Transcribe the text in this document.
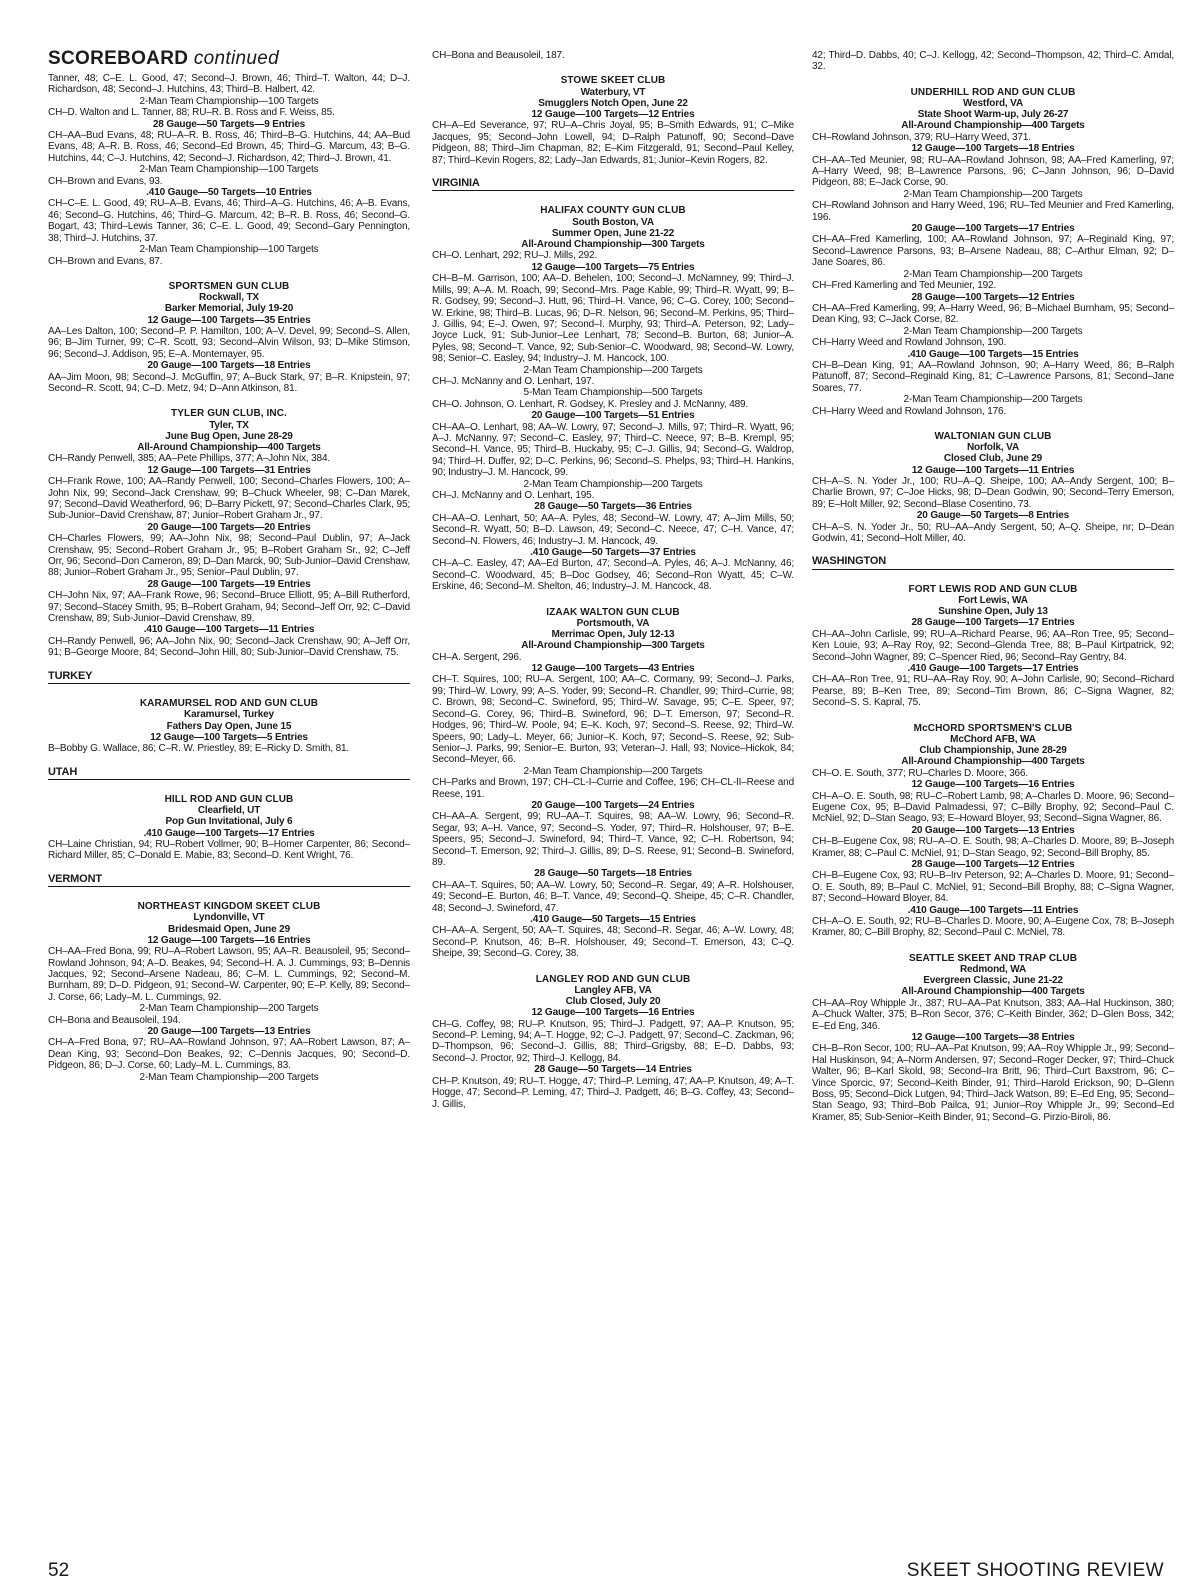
SCOREBOARD continued
Tanner, 48; C–E. L. Good, 47; Second–J. Brown, 46; Third–T. Walton, 44; D–J. Richardson, 48; Second–J. Hutchins, 43; Third–B. Halbert, 42.
2-Man Team Championship—100 Targets
CH–D. Walton and L. Tanner, 88; RU–R. B. Ross and F. Weiss, 85.
28 Gauge—50 Targets—9 Entries
CH–AA–Bud Evans, 48; RU–A–R. B. Ross, 46; Third–B–G. Hutchins, 44; AA–Bud Evans, 48; A–R. B. Ross, 46; Second–Ed Brown, 45; Third–G. Marcum, 43; B–G. Hutchins, 44; C–J. Hutchins, 42; Second–J. Richardson, 42; Third–J. Brown, 41.
2-Man Team Championship—100 Targets
CH–Brown and Evans, 93.
.410 Gauge—50 Targets—10 Entries
CH–C–E. L. Good, 49; RU–A–B. Evans, 46; Third–A–G. Hutchins, 46; A–B. Evans, 46; Second–G. Hutchins, 46; Third–G. Marcum, 42; B–R. B. Ross, 46; Second–G. Bogart, 43; Third–Lewis Tanner, 36; C–E. L. Good, 49; Second–Gary Pennington, 38; Third–J. Hutchins, 37.
2-Man Team Championship—100 Targets
CH–Brown and Evans, 87.
SPORTSMEN GUN CLUB
Rockwall, TX
Barker Memorial, July 19-20
12 Gauge—100 Targets—35 Entries
AA–Les Dalton, 100; Second–P. P. Hamilton, 100; A–V. Devel, 99; Second–S. Allen, 96; B–Jim Turner, 99; C–R. Scott, 93; Second–Alvin Wilson, 93; D–Mike Stimson, 96; Second–J. Addison, 95; E–A. Montemayer, 95.
20 Gauge—100 Targets—18 Entries
AA–Jim Moon, 98; Second–J. McGuffin, 97; A–Buck Stark, 97; B–R. Knipstein, 97; Second–R. Scott, 94; C–D. Metz, 94; D–Ann Atkinson, 81.
TYLER GUN CLUB, INC.
Tyler, TX
June Bug Open, June 28-29
All-Around Championship—400 Targets
CH–Randy Penwell, 385; AA–Pete Phillips, 377; A–John Nix, 384.
12 Gauge—100 Targets—31 Entries
CH–Frank Rowe, 100; AA–Randy Penwell, 100; Second–Charles Flowers, 100; A–John Nix, 99; Second–Jack Crenshaw, 99; B–Chuck Wheeler, 98; C–Dan Marek, 97; Second–David Weatherford, 96; D–Barry Pickett, 97; Second–Charles Clark, 95; Sub-Junior–David Crenshaw, 87; Junior–Robert Graham Jr., 97.
20 Gauge—100 Targets—20 Entries
CH–Charles Flowers, 99; AA–John Nix, 98; Second–Paul Dublin, 97; A–Jack Crenshaw, 95; Second–Robert Graham Jr., 95; B–Robert Graham Sr., 92; C–Jeff Orr, 96; Second–Don Cameron, 89; D–Dan Marck, 90; Sub-Junior–David Crenshaw, 88; Junior–Robert Graham Jr., 95; Senior–Paul Dublin, 97.
28 Gauge—100 Targets—19 Entries
CH–John Nix, 97; AA–Frank Rowe, 96; Second–Bruce Elliott, 95; A–Bill Rutherford, 97; Second–Stacey Smith, 95; B–Robert Graham, 94; Second–Jeff Orr, 92; C–David Crenshaw, 89; Sub-Junior–David Crenshaw, 89.
.410 Gauge—100 Targets—11 Entries
CH–Randy Penwell, 96; AA–John Nix, 90; Second–Jack Crenshaw, 90; A–Jeff Orr, 91; B–George Moore, 84; Second–John Hill, 80; Sub-Junior–David Crenshaw, 75.
TURKEY
KARAMURSEL ROD AND GUN CLUB
Karamursel, Turkey
Fathers Day Open, June 15
12 Gauge—100 Targets—5 Entries
B–Bobby G. Wallace, 86; C–R. W. Priestley, 89; E–Ricky D. Smith, 81.
UTAH
HILL ROD AND GUN CLUB
Clearfield, UT
Pop Gun Invitational, July 6
.410 Gauge—100 Targets—17 Entries
CH–Laine Christian, 94; RU–Robert Vollmer, 90; B–Homer Carpenter, 86; Second–Richard Miller, 85; C–Donald E. Mabie, 83; Second–D. Kent Wright, 76.
VERMONT
NORTHEAST KINGDOM SKEET CLUB
Lyndonville, VT
Bridesmaid Open, June 29
12 Gauge—100 Targets—16 Entries
CH–AA–Fred Bona, 99; RU–A–Robert Lawson, 95; AA–R. Beausoleil, 95; Second–Rowland Johnson, 94; A–D. Beakes, 94; Second–H. A. J. Cummings, 93; B–Dennis Jacques, 92; Second–Arsene Nadeau, 86; C–M. L. Cummings, 92; Second–M. Burnham, 89; D–D. Pidgeon, 91; Second–W. Carpenter, 90; E–P. Kelly, 89; Second–J. Corse, 66; Lady–M. L. Cummings, 92.
2-Man Team Championship—200 Targets
CH–Bona and Beausoleil, 194.
20 Gauge—100 Targets—13 Entries
CH–A–Fred Bona, 97; RU–AA–Rowland Johnson, 97; AA–Robert Lawson, 87; A–Dean King, 93; Second–Don Beakes, 92; C–Dennis Jacques, 90; Second–D. Pidgeon, 86; D–J. Corse, 60; Lady–M. L. Cummings, 83.
2-Man Team Championship—200 Targets
CH–Bona and Beausoleil, 187.
STOWE SKEET CLUB
Waterbury, VT
Smugglers Notch Open, June 22
12 Gauge—100 Targets—12 Entries
CH–A–Ed Severance, 97; RU–A–Chris Joyal, 95; B–Smith Edwards, 91; C–Mike Jacques, 95; Second–John Lowell, 94; D–Ralph Patunoff, 90; Second–Dave Pidgeon, 88; Third–Jim Chapman, 82; E–Kim Fitzgerald, 91; Second–Paul Kelley, 87; Third–Kevin Rogers, 82; Lady–Jan Edwards, 81; Junior–Kevin Rogers, 82.
VIRGINIA
HALIFAX COUNTY GUN CLUB
South Boston, VA
Summer Open, June 21-22
All-Around Championship—300 Targets
CH–O. Lenhart, 292; RU–J. Mills, 292.
12 Gauge—100 Targets—75 Entries
CH–B–M. Garrison, 100; AA–D. Behelen, 100; Second–J. McNamney, 99; Third–J. Mills, 99; A–A. M. Roach, 99; Second–Mrs. Page Kable, 99; Third–R. Wyatt, 99; B–R. Godsey, 99; Second–J. Hutt, 96; Third–H. Vance, 96; C–G. Corey, 100; Second–W. Erkine, 98; Third–B. Lucas, 96; D–R. Nelson, 96; Second–M. Perkins, 95; Third–J. Gillis, 94; E–J. Owen, 97; Second–I. Murphy, 93; Third–A. Peterson, 92; Lady–Joyce Luck, 91; Sub-Junior–Lee Lenhart, 78; Second–B. Burton, 68; Junior–A. Pyles, 98; Second–T. Vance, 92; Sub-Senior–C. Woodward, 98; Second–W. Lowry, 98; Senior–C. Easley, 94; Industry–J. M. Hancock, 100.
2-Man Team Championship—200 Targets
CH–J. McNanny and O. Lenhart, 197.
5-Man Team Championship—500 Targets
CH–O. Johnson, O. Lenhart, R. Godsey, K. Presley and J. McNanny, 489.
20 Gauge—100 Targets—51 Entries
CH–AA–O. Lenhart, 98; AA–W. Lowry, 97; Second–J. Mills, 97; Third–R. Wyatt, 96; A–J. McNanny, 97; Second–C. Easley, 97; Third–C. Neece, 97; B–B. Krempl, 95; Second–H. Vance, 95; Third–B. Huckaby, 95; C–J. Gillis, 94; Second–G. Waldrop, 94; Third–H. Duffer, 92; D–C. Perkins, 96; Second–S. Phelps, 93; Third–H. Hankins, 90; Industry–J. M. Hancock, 99.
2-Man Team Championship—200 Targets
CH–J. McNanny and O. Lenhart, 195.
28 Gauge—50 Targets—36 Entries
CH–AA–O. Lenhart, 50; AA–A. Pyles, 48; Second–W. Lowry, 47; A–Jim Mills, 50; Second–R. Wyatt, 50; B–D. Lawson, 49; Second–C. Neece, 47; C–H. Vance, 47; Second–N. Flowers, 46; Industry–J. M. Hancock, 49.
.410 Gauge—50 Targets—37 Entries
CH–A–C. Easley, 47; AA–Ed Burton, 47; Second–A. Pyles, 46; A–J. McNanny, 46; Second–C. Woodward, 45; B–Doc Godsey, 46; Second–Ron Wyatt, 45; C–W. Erskine, 46; Second–M. Shelton, 46; Industry–J. M. Hancock, 48.
IZAAK WALTON GUN CLUB
Portsmouth, VA
Merrimac Open, July 12-13
All-Around Championship—300 Targets
CH–A. Sergent, 296.
12 Gauge—100 Targets—43 Entries
CH–T. Squires, 100; RU–A. Sergent, 100; AA–C. Cormany, 99; Second–J. Parks, 99; Third–W. Lowry, 99; A–S. Yoder, 99; Second–R. Chandler, 99; Third–Currie, 98; C. Brown, 98; Second–C. Swineford, 95; Third–W. Savage, 95; C–E. Speer, 97; Second–G. Corey, 96; Third–B. Swineford, 96; D–T. Emerson, 97; Second–R. Hodges, 96; Third–W. Poole, 94; E–K. Koch, 97; Second–S. Reese, 92; Third–W. Speers, 90; Lady–L. Meyer, 66; Junior–K. Koch, 97; Second–S. Reese, 92; Sub-Senior–J. Parks, 99; Senior–E. Burton, 93; Veteran–J. Hall, 93; Novice–Hickok, 84; Second–Meyer, 66.
2-Man Team Championship—200 Targets
CH–Parks and Brown, 197; CH–CL-I–Currie and Coffee, 196; CH–CL-II–Reese and Reese, 191.
20 Gauge—100 Targets—24 Entries
CH–AA–A. Sergent, 99; RU–AA–T. Squires, 98; AA–W. Lowry, 96; Second–R. Segar, 93; A–H. Vance, 97; Second–S. Yoder, 97; Third–R. Holshouser, 97; B–E. Speers, 95; Second–J. Swineford, 94; Third–T. Vance, 92; C–H. Robertson, 94; Second–T. Emerson, 92; Third–J. Gillis, 89; D–S. Reese, 91; Second–B. Swineford, 89.
28 Gauge—50 Targets—18 Entries
CH–AA–T. Squires, 50; AA–W. Lowry, 50; Second–R. Segar, 49; A–R. Holshouser, 49; Second–E. Burton, 46; B–T. Vance, 49; Second–Q. Sheipe, 45; C–R. Chandler, 48; Second–J. Swineford, 47.
.410 Gauge—50 Targets—15 Entries
CH–AA–A. Sergent, 50; AA–T. Squires, 48; Second–R. Segar, 46; A–W. Lowry, 48; Second–P. Knutson, 46; B–R. Holshouser, 49; Second–T. Emerson, 43; C–Q. Sheipe, 39; Second–G. Corey, 38.
LANGLEY ROD AND GUN CLUB
Langley AFB, VA
Club Closed, July 20
12 Gauge—100 Targets—16 Entries
CH–G. Coffey, 98; RU–P. Knutson, 95; Third–J. Padgett, 97; AA–P. Knutson, 95; Second–P. Leming, 94; A–T. Hogge, 92; C–J. Padgett, 97; Second–C. Zackman, 96; D–Thompson, 96; Second–J. Gillis, 88; Third–Grigsby, 88; E–D. Dabbs, 93; Second–J. Proctor, 92; Third–J. Kellogg, 84.
28 Gauge—50 Targets—14 Entries
CH–P. Knutson, 49; RU–T. Hogge, 47; Third–P. Leming, 47; AA–P. Knutson, 49; A–T. Hogge, 47; Second–P. Leming, 47; Third–J. Padgett, 46; B–G. Coffey, 43; Second–J. Gillis,
42; Third–D. Dabbs, 40; C–J. Kellogg, 42; Second–Thompson, 42; Third–C. Amdal, 32.
UNDERHILL ROD AND GUN CLUB
Westford, VA
State Shoot Warm-up, July 26-27
All-Around Championship—400 Targets
CH–Rowland Johnson, 379; RU–Harry Weed, 371.
12 Gauge—100 Targets—18 Entries
CH–AA–Ted Meunier, 98; RU–AA–Rowland Johnson, 98; AA–Fred Kamerling, 97; A–Harry Weed, 98; B–Lawrence Parsons, 96; C–Jann Johnson, 96; D–David Pidgeon, 88; E–Jack Corse, 90.
2-Man Team Championship—200 Targets
CH–Rowland Johnson and Harry Weed, 196; RU–Ted Meunier and Fred Kamerling, 196.
20 Gauge—100 Targets—17 Entries
CH–AA–Fred Kamerling, 100; AA–Rowland Johnson, 97; A–Reginald King, 97; Second–Lawrence Parsons, 93; B–Arsene Nadeau, 88; C–Arthur Elman, 92; D–Jane Soares, 86.
2-Man Team Championship—200 Targets
CH–Fred Kamerling and Ted Meunier, 192.
28 Gauge—100 Targets—12 Entries
CH–AA–Fred Kamerling, 99; A–Harry Weed, 96; B–Michael Burnham, 95; Second–Dean King, 93; C–Jack Corse, 82.
2-Man Team Championship—200 Targets
CH–Harry Weed and Rowland Johnson, 190.
.410 Gauge—100 Targets—15 Entries
CH–B–Dean King, 91; AA–Rowland Johnson, 90; A–Harry Weed, 86; B–Ralph Patunoff, 87; Second–Reginald King, 81; C–Lawrence Parsons, 81; Second–Jane Soares, 77.
2-Man Team Championship—200 Targets
CH–Harry Weed and Rowland Johnson, 176.
WALTONIAN GUN CLUB
Norfolk, VA
Closed Club, June 29
12 Gauge—100 Targets—11 Entries
CH–A–S. N. Yoder Jr., 100; RU–A–Q. Sheipe, 100; AA–Andy Sergent, 100; B–Charlie Brown, 97; C–Joe Hicks, 98; D–Dean Godwin, 90; Second–Terry Emerson, 89; E–Holt Miller, 92; Second–Blase Cosentino, 73.
20 Gauge—50 Targets—8 Entries
CH–A–S. N. Yoder Jr., 50; RU–AA–Andy Sergent, 50; A–Q. Sheipe, nr; D–Dean Godwin, 41; Second–Holt Miller, 40.
WASHINGTON
FORT LEWIS ROD AND GUN CLUB
Fort Lewis, WA
Sunshine Open, July 13
28 Gauge—100 Targets—17 Entries
CH–AA–John Carlisle, 99; RU–A–Richard Pearse, 96; AA–Ron Tree, 95; Second–Ken Louie, 93; A–Ray Roy, 92; Second–Glenda Tree, 88; B–Paul Kirtpatrick, 92; Second–John Wagner, 89; C–Spencer Ried, 96; Second–Ray Gentry, 84.
.410 Gauge—100 Targets—17 Entries
CH–AA–Ron Tree, 91; RU–AA–Ray Roy, 90; A–John Carlisle, 90; Second–Richard Pearse, 89; B–Ken Tree, 89; Second–Tim Brown, 86; C–Signa Wagner, 82; Second–S. S. Kapral, 75.
McCHORD SPORTSMEN'S CLUB
McChord AFB, WA
Club Championship, June 28-29
All-Around Championship—400 Targets
CH–O. E. South, 377; RU–Charles D. Moore, 366.
12 Gauge—100 Targets—16 Entries
CH–A–O. E. South, 98; RU–C–Robert Lamb, 98; A–Charles D. Moore, 96; Second–Eugene Cox, 95; B–David Palmadessi, 97; C–Billy Brophy, 92; Second–Paul C. McNiel, 92; D–Stan Seago, 93; E–Howard Bloyer, 93; Second–Signa Wagner, 86.
20 Gauge—100 Targets—13 Entries
CH–B–Eugene Cox, 98; RU–A–O. E. South, 98; A–Charles D. Moore, 89; B–Joseph Kramer, 88; C–Paul C. McNiel, 91; D–Stan Seago, 92; Second–Bill Brophy, 85.
28 Gauge—100 Targets—12 Entries
CH–B–Eugene Cox, 93; RU–B–Irv Peterson, 92; A–Charles D. Moore, 91; Second–O. E. South, 89; B–Paul C. McNiel, 91; Second–Bill Brophy, 88; C–Signa Wagner, 87; Second–Howard Bloyer, 84.
.410 Gauge—100 Targets—11 Entries
CH–A–O. E. South, 92; RU–B–Charles D. Moore, 90; A–Eugene Cox, 78; B–Joseph Kramer, 80; C–Bill Brophy, 82; Second–Paul C. McNiel, 78.
SEATTLE SKEET AND TRAP CLUB
Redmond, WA
Evergreen Classic, June 21-22
All-Around Championship—400 Targets
CH–AA–Roy Whipple Jr., 387; RU–AA–Pat Knutson, 383; AA–Hal Huckinson, 380; A–Chuck Walter, 375; B–Ron Secor, 376; C–Keith Binder, 362; D–Glen Boss, 342; E–Ed Eng, 346.
12 Gauge—100 Targets—38 Entries
CH–B–Ron Secor, 100; RU–AA–Pat Knutson, 99; AA–Roy Whipple Jr., 99; Second–Hal Huskinson, 94; A–Norm Andersen, 97; Second–Roger Decker, 97; Third–Chuck Walter, 96; B–Karl Skold, 98; Second–Ira Britt, 96; Third–Curt Baxstrom, 96; C–Vince Sporcic, 97; Second–Keith Binder, 91; Third–Harold Erickson, 90; D–Glenn Boss, 95; Second–Dick Lutgen, 94; Third–Jack Watson, 89; E–Ed Eng, 95; Second–Stan Seago, 93; Third–Bob Pailca, 91; Junior–Roy Whipple Jr., 99; Second–Ed Kramer, 85; Sub-Senior–Keith Binder, 91; Second–G. Pirzio-Biroli, 86.
52	SKEET SHOOTING REVIEW
